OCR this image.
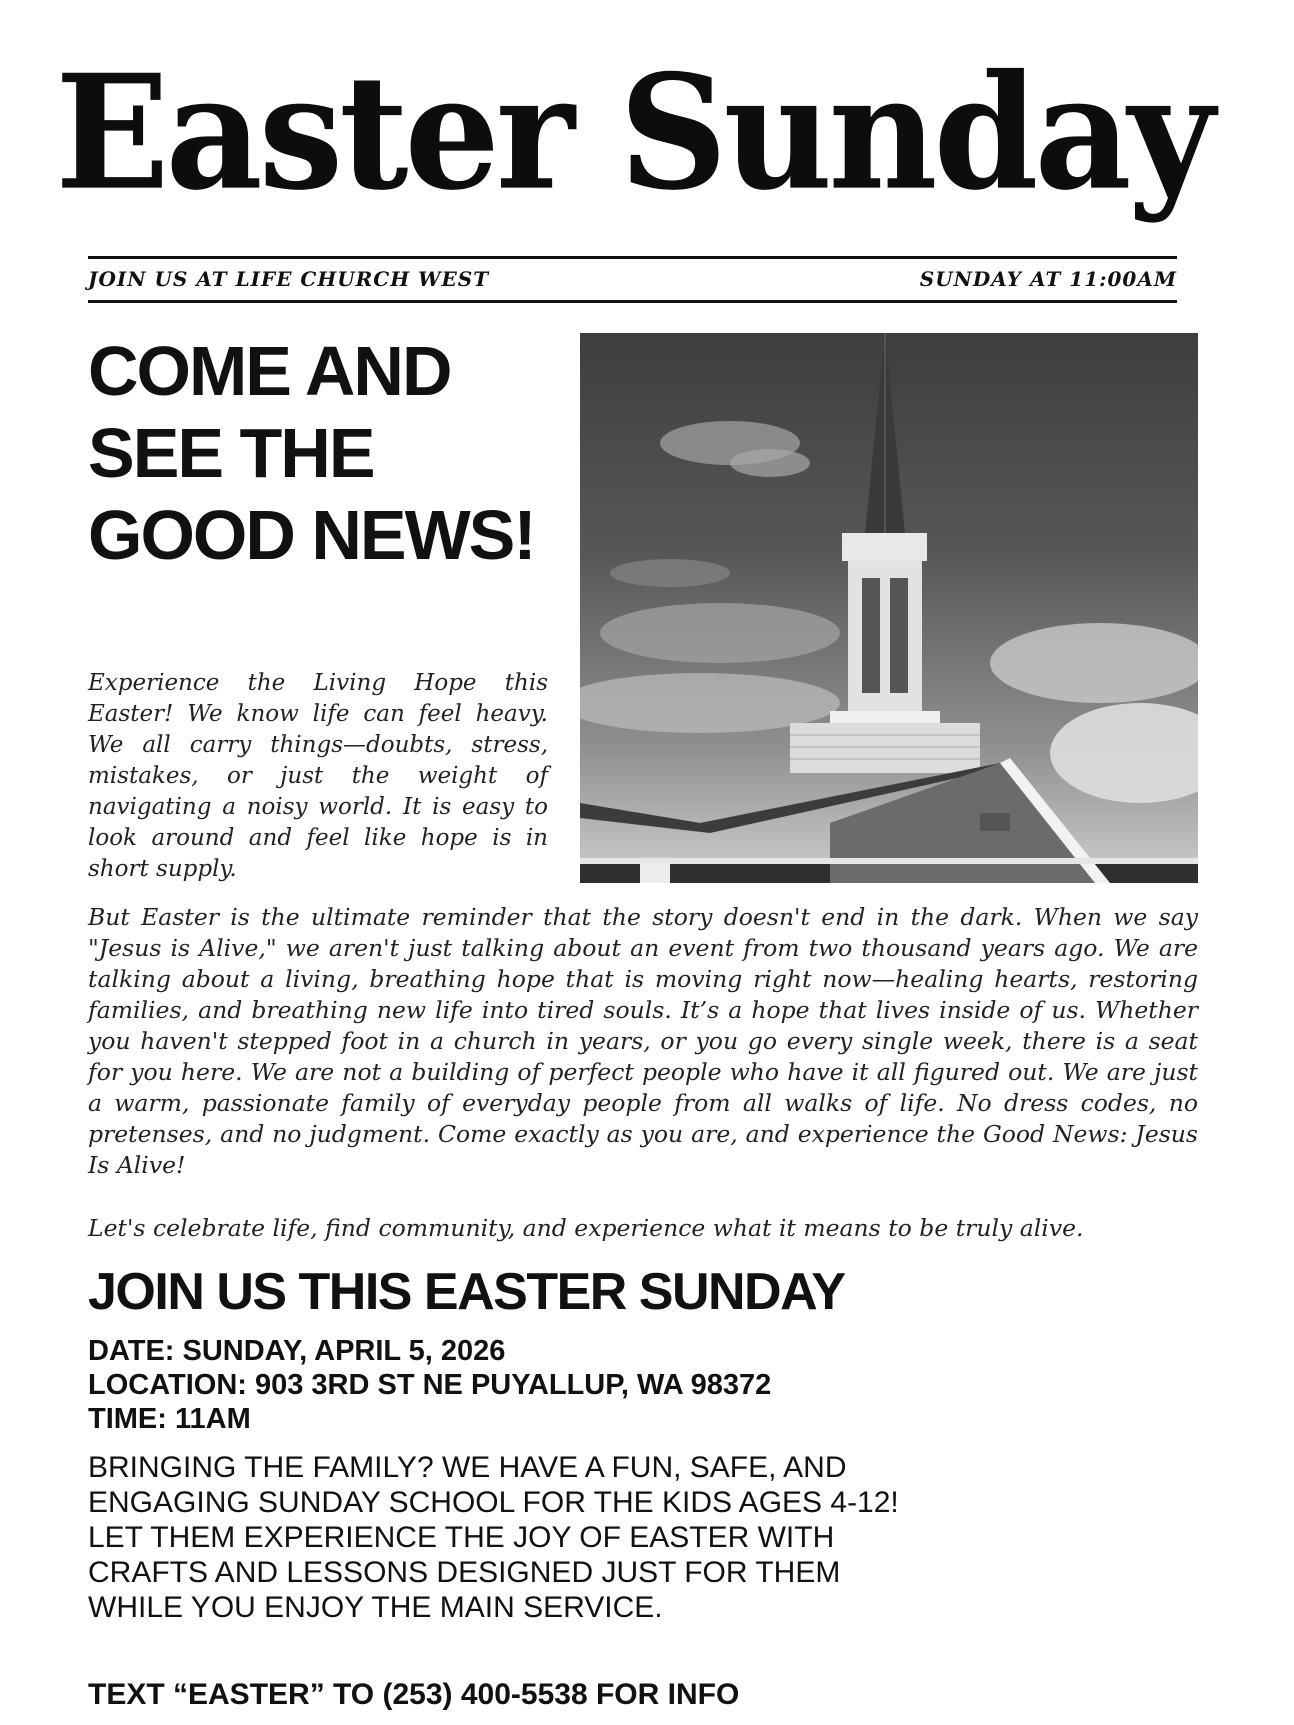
Easter Sunday
JOIN US AT LIFE CHURCH WEST	SUNDAY AT 11:00AM
COME AND SEE THE GOOD NEWS!

Experience the Living Hope this Easter! We know life can feel heavy. We all carry things—doubts, stress, mistakes, or just the weight of navigating a noisy world. It is easy to look around and feel like hope is in short supply.

But Easter is the ultimate reminder that the story doesn't end in the dark. When we say "Jesus is Alive," we aren't just talking about an event from two thousand years ago. We are talking about a living, breathing hope that is moving right now—healing hearts, restoring families, and breathing new life into tired souls. It’s a hope that lives inside of us. Whether you haven't stepped foot in a church in years, or you go every single week, there is a seat for you here. We are not a building of perfect people who have it all figured out. We are just a warm, passionate family of everyday people from all walks of life. No dress codes, no pretenses, and no judgment. Come exactly as you are, and experience the Good News: Jesus Is Alive!

Let's celebrate life, find community, and experience what it means to be truly alive.

JOIN US THIS EASTER SUNDAY
DATE: SUNDAY, APRIL 5, 2026
LOCATION: 903 3RD ST NE PUYALLUP, WA 98372
TIME: 11AM

BRINGING THE FAMILY? WE HAVE A FUN, SAFE, AND ENGAGING SUNDAY SCHOOL FOR THE KIDS AGES 4-12! LET THEM EXPERIENCE THE JOY OF EASTER WITH CRAFTS AND LESSONS DESIGNED JUST FOR THEM WHILE YOU ENJOY THE MAIN SERVICE.

TEXT “EASTER” TO (253) 400-5538 FOR INFO
